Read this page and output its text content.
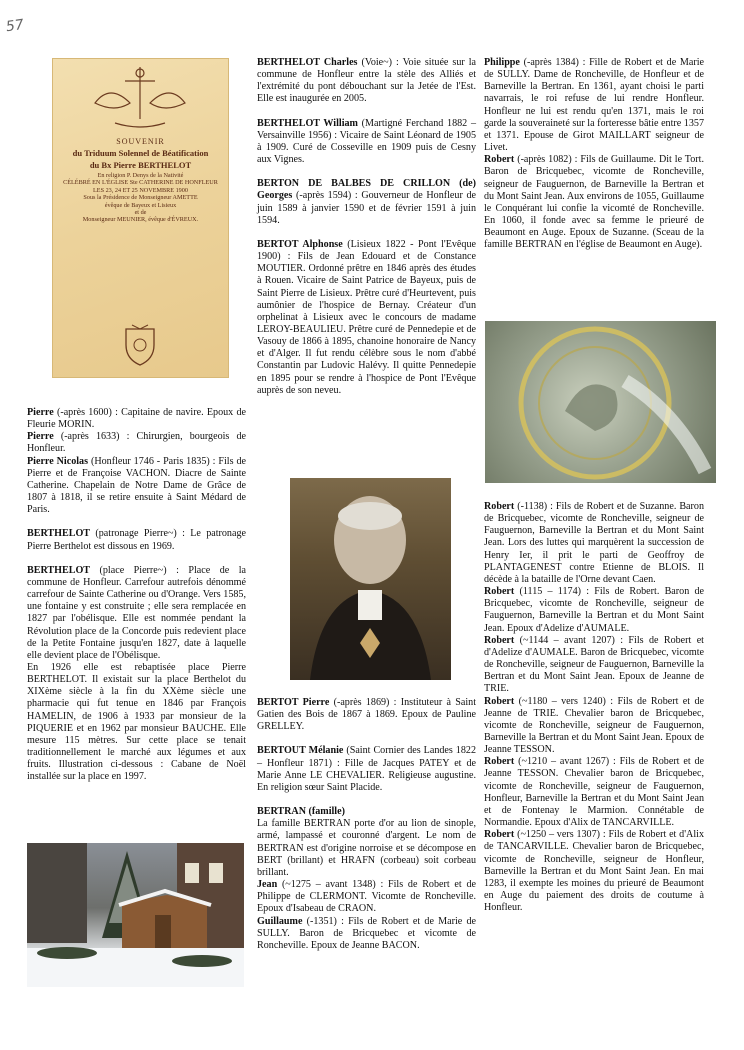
57
SOUVENIR
du Triduum Solennel de Béatification
du Bx Pierre BERTHELOT
En religion P. Denys de la Nativité
CÉLÉBRÉ EN L'ÉGLISE Ste CATHERINE DE HONFLEUR
LES 23, 24 ET 25 NOVEMBRE 1900
Sous la Présidence de Monseigneur AMETTE
évêque de Bayeux et Lisieux
et de
Monseigneur MEUNIER, évêque d'ÉVREUX.

Pierre (-après 1600) : Capitaine de navire. Epoux de Fleurie MORIN.

Pierre (-après 1633) : Chirurgien, bourgeois de Honfleur.

Pierre Nicolas (Honfleur 1746 - Paris 1835) : Fils de Pierre et de Françoise VACHON. Diacre de Sainte Catherine. Chapelain de Notre Dame de Grâce de 1807 à 1818, il se retire ensuite à Saint Médard de Paris.

BERTHELOT (patronage Pierre~) : Le patronage Pierre Berthelot est dissous en 1969.

BERTHELOT (place Pierre~) : Place de la commune de Honfleur. Carrefour autrefois dénommé carrefour de Sainte Catherine ou d'Orange. Vers 1585, une fontaine y est construite ; elle sera remplacée en 1827 par l'obélisque. Elle est nommée pendant la Révolution place de la Concorde puis redevient place de la Petite Fontaine jusqu'en 1827, date à laquelle elle devient place de l'Obélisque.

En 1926 elle est rebaptisée place Pierre BERTHELOT. Il existait sur la place Berthelot du XIXème siècle à la fin du XXème siècle une pharmacie qui fut tenue en 1846 par François HAMELIN, de 1906 à 1933 par monsieur de la PIQUERIE et en 1962 par monsieur BAUCHE. Elle mesure 115 mètres. Sur cette place se tenait traditionnellement le marché aux légumes et aux fruits. Illustration ci-dessous : Cabane de Noël installée sur la place en 1997.

BERTHELOT Charles (Voie~) : Voie située sur la commune de Honfleur entre la stèle des Alliés et l'extrémité du pont débouchant sur la Jetée de l'Est. Elle est inaugurée en 2005.

BERTHELOT William (Martigné Ferchand 1882 – Versainville 1956) : Vicaire de Saint Léonard de 1905 à 1909. Curé de Cosseville en 1909 puis de Cesny aux Vignes.

BERTON DE BALBES DE CRILLON (de) Georges (-après 1594) : Gouverneur de Honfleur de juin 1589 à janvier 1590 et de février 1591 à juin 1594.

BERTOT Alphonse (Lisieux 1822 - Pont l'Evêque 1900) : Fils de Jean Edouard et de Constance MOUTIER. Ordonné prêtre en 1846 après des études à Rouen. Vicaire de Saint Patrice de Bayeux, puis de Saint Pierre de Lisieux. Prêtre curé d'Heurtevent, puis aumônier de l'hospice de Bernay. Créateur d'un orphelinat à Lisieux avec le concours de madame LEROY-BEAULIEU. Prêtre curé de Pennedepie et de Vasouy de 1866 à 1895, chanoine honoraire de Nancy et d'Alger. Il fut rendu célèbre sous le nom d'abbé Constantin par Ludovic Halévy. Il quitte Pennedepie en 1895 pour se rendre à l'hospice de Pont l'Evêque auprès de son neveu.

BERTOT Pierre (-après 1869) : Instituteur à Saint Gatien des Bois de 1867 à 1869. Epoux de Pauline GRELLEY.

BERTOUT Mélanie (Saint Cornier des Landes 1822 – Honfleur 1871) : Fille de Jacques PATEY et de Marie Anne LE CHEVALIER. Religieuse augustine. En religion sœur Saint Placide.

BERTRAN (famille)

La famille BERTRAN porte d'or au lion de sinople, armé, lampassé et couronné d'argent. Le nom de BERTRAN est d'origine norroise et se décompose en BERT (brillant) et HRAFN (corbeau) soit corbeau brillant.

Jean (~1275 – avant 1348) : Fils de Robert et de Philippe de CLERMONT. Vicomte de Roncheville. Epoux d'Isabeau de CRAON.

Guillaume (-1351) : Fils de Robert et de Marie de SULLY. Baron de Bricquebec et vicomte de Roncheville. Epoux de Jeanne BACON.

Philippe (-après 1384) : Fille de Robert et de Marie de SULLY. Dame de Roncheville, de Honfleur et de Barneville la Bertran. En 1361, ayant choisi le parti navarrais, le roi refuse de lui rendre Honfleur. Honfleur ne lui est rendu qu'en 1371, mais le roi garde la souveraineté sur la forteresse bâtie entre 1357 et 1371. Epouse de Girot MAILLART seigneur de Livet.

Robert (-après 1082) : Fils de Guillaume. Dit le Tort. Baron de Bricquebec, vicomte de Roncheville, seigneur de Fauguernon, de Barneville la Bertran et du Mont Saint Jean. Aux environs de 1055, Guillaume le Conquérant lui confie la vicomté de Roncheville. En 1060, il fonde avec sa femme le prieuré de Beaumont en Auge. Epoux de Suzanne. (Sceau de la famille BERTRAN en l'église de Beaumont en Auge).

Robert (-1138) : Fils de Robert et de Suzanne. Baron de Bricquebec, vicomte de Roncheville, seigneur de Fauguernon, Barneville la Bertran et du Mont Saint Jean. Lors des luttes qui marquèrent la succession de Henry Ier, il prit le parti de Geoffroy de PLANTAGENEST contre Etienne de BLOIS. Il décède à la bataille de l'Orne devant Caen.

Robert (1115 – 1174) : Fils de Robert. Baron de Bricquebec, vicomte de Roncheville, seigneur de Fauguernon, Barneville la Bertran et du Mont Saint Jean. Epoux d'Adelize d'AUMALE.

Robert (~1144 – avant 1207) : Fils de Robert et d'Adelize d'AUMALE. Baron de Bricquebec, vicomte de Roncheville, seigneur de Fauguernon, Barneville la Bertran et du Mont Saint Jean. Epoux de Jeanne de TRIE.

Robert (~1180 – vers 1240) : Fils de Robert et de Jeanne de TRIE. Chevalier baron de Bricquebec, vicomte de Roncheville, seigneur de Fauguernon, Barneville la Bertran et du Mont Saint Jean. Epoux de Jeanne TESSON.

Robert (~1210 – avant 1267) : Fils de Robert et de Jeanne TESSON. Chevalier baron de Bricquebec, vicomte de Roncheville, seigneur de Fauguernon, Honfleur, Barneville la Bertran et du Mont Saint Jean et de Fontenay le Marmion. Connétable de Normandie. Epoux d'Alix de TANCARVILLE.

Robert (~1250 – vers 1307) : Fils de Robert et d'Alix de TANCARVILLE. Chevalier baron de Bricquebec, vicomte de Roncheville, seigneur de Honfleur, Barneville la Bertran et du Mont Saint Jean. En mai 1283, il exempte les moines du prieuré de Beaumont en Auge du paiement des droits de coutume à Honfleur.
